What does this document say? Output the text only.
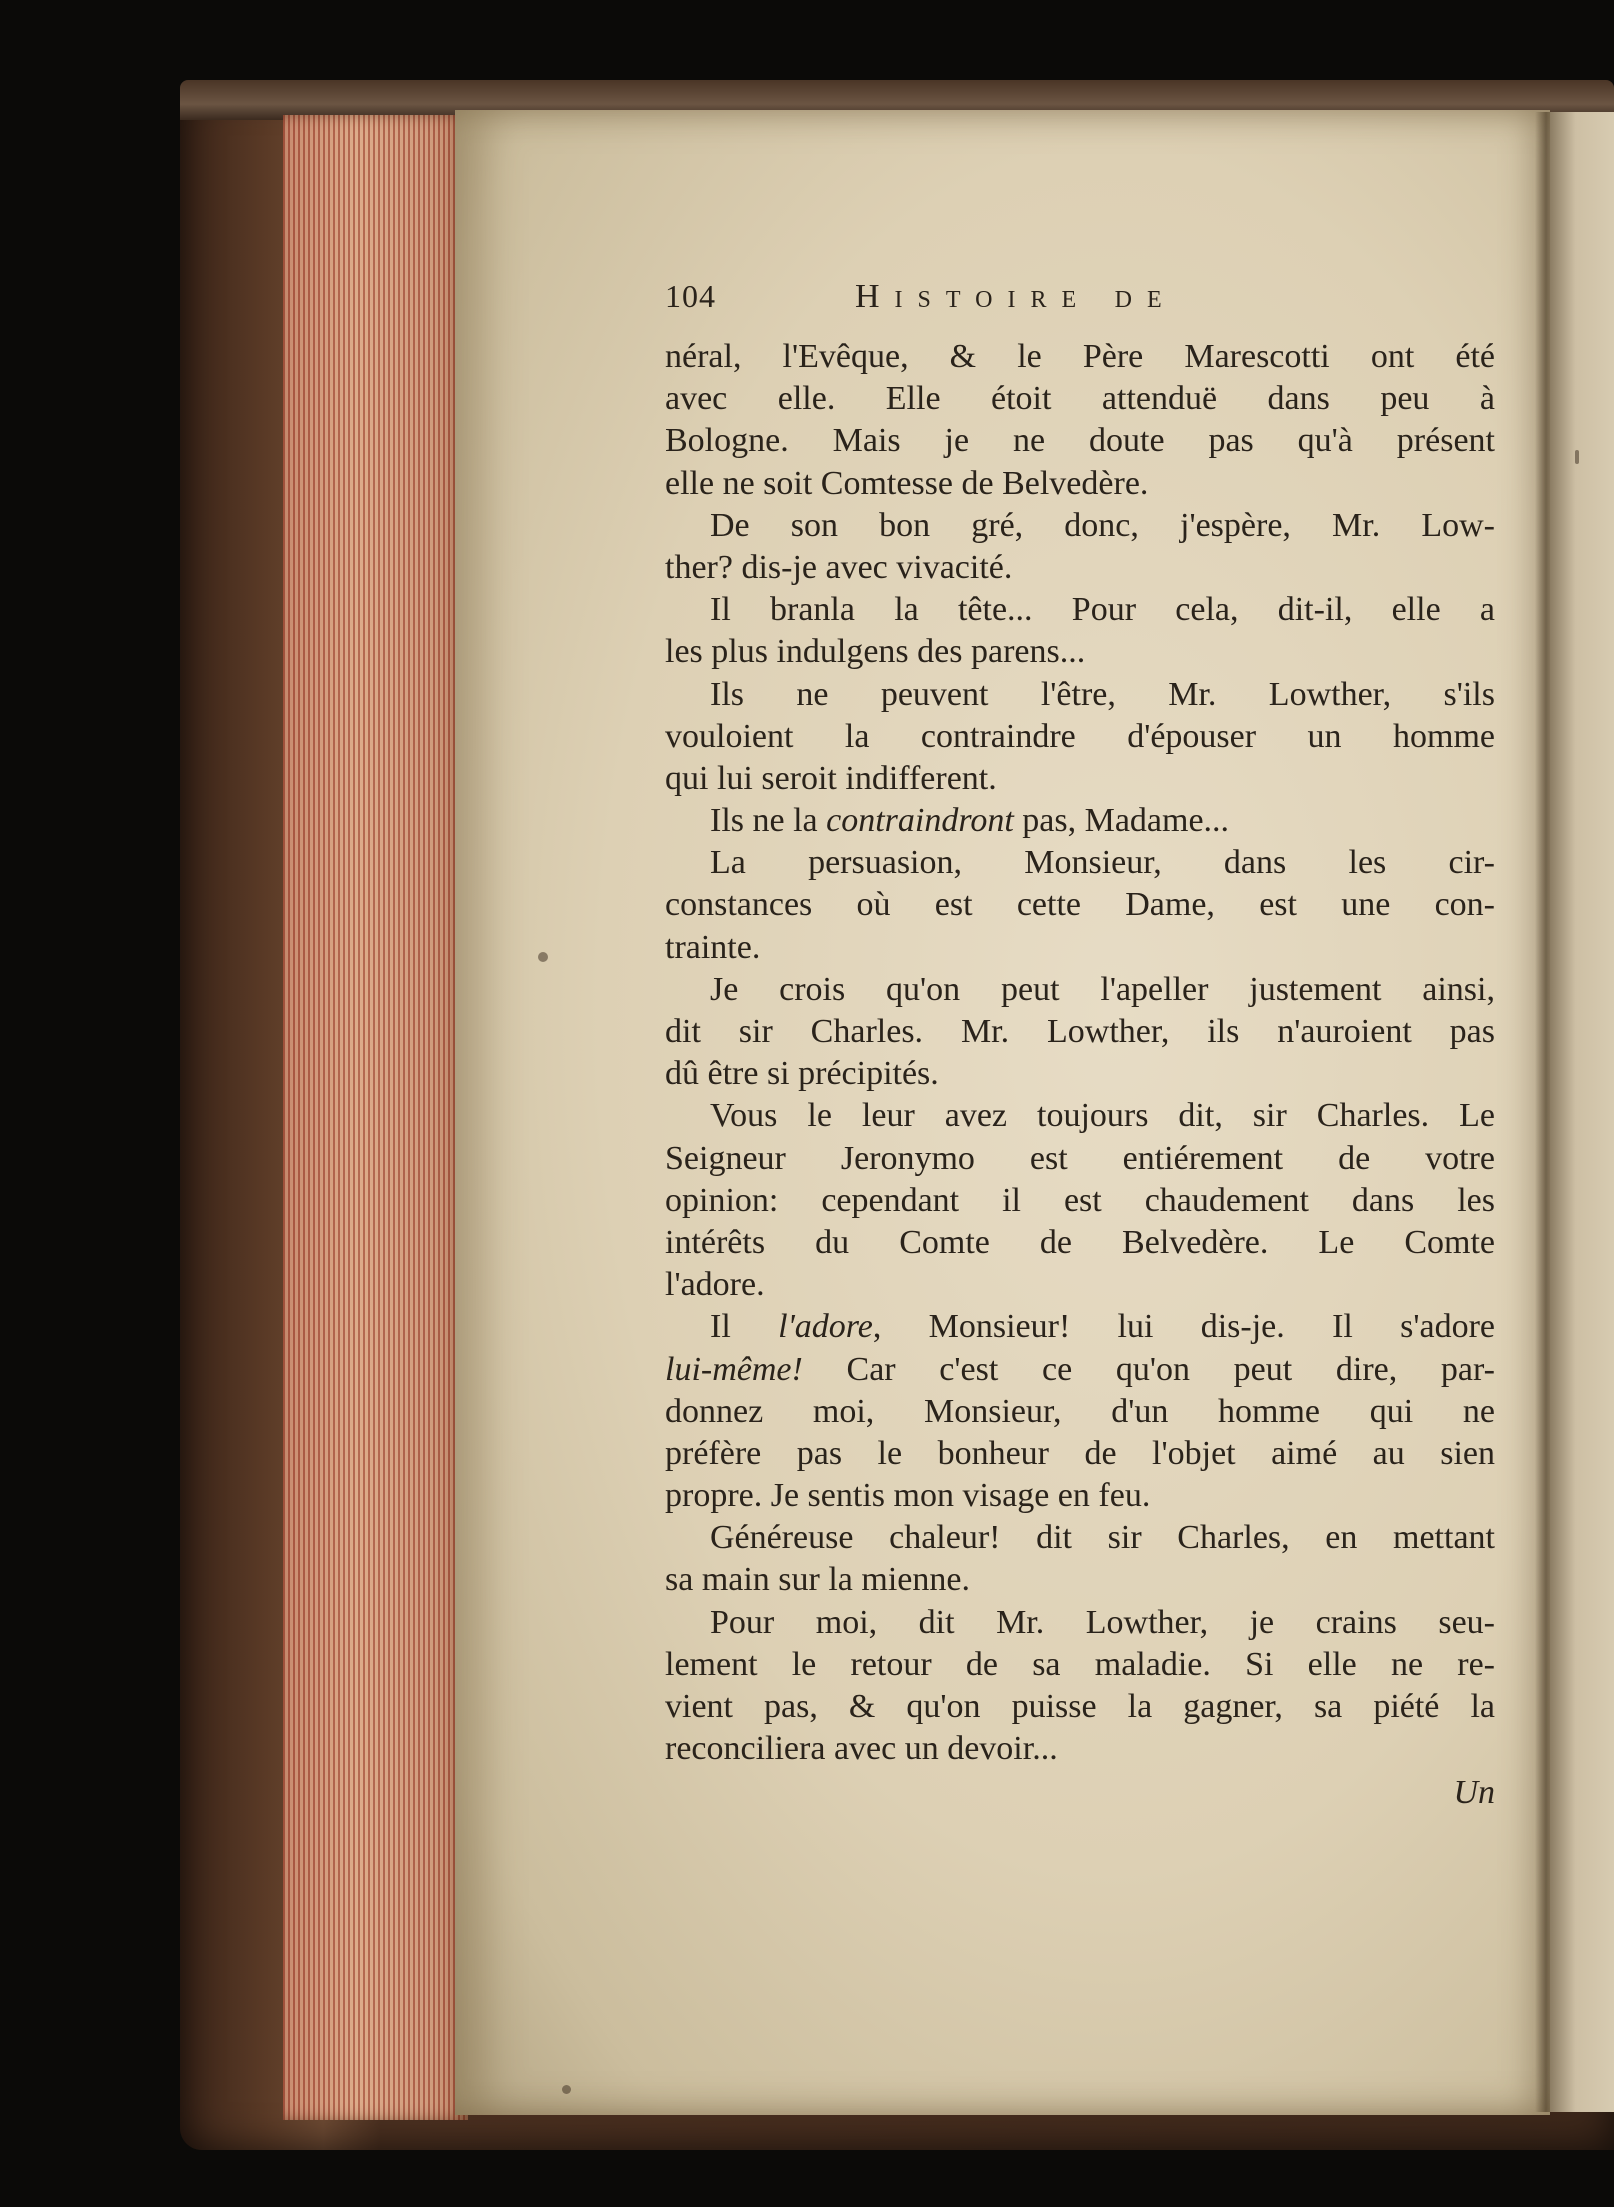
104	Histoire de
néral, l'Evêque, & le Père Marescotti ont été
avec elle. Elle étoit attenduë dans peu à
Bologne. Mais je ne doute pas qu'à présent
elle ne soit Comtesse de Belvedère.
De son bon gré, donc, j'espère, Mr. Low-
ther? dis-je avec vivacité.
Il branla la tête... Pour cela, dit-il, elle a
les plus indulgens des parens...
Ils ne peuvent l'être, Mr. Lowther, s'ils
vouloient la contraindre d'épouser un homme
qui lui seroit indifferent.
Ils ne la contraindront pas, Madame...
La persuasion, Monsieur, dans les cir-
constances où est cette Dame, est une con-
trainte.
Je crois qu'on peut l'apeller justement ainsi,
dit sir Charles. Mr. Lowther, ils n'auroient pas
dû être si précipités.
Vous le leur avez toujours dit, sir Charles. Le
Seigneur Jeronymo est entiérement de votre
opinion: cependant il est chaudement dans les
intérêts du Comte de Belvedère. Le Comte
l'adore.
Il l'adore, Monsieur! lui dis-je. Il s'adore
lui-même! Car c'est ce qu'on peut dire, par-
donnez moi, Monsieur, d'un homme qui ne
préfère pas le bonheur de l'objet aimé au sien
propre. Je sentis mon visage en feu.
Généreuse chaleur! dit sir Charles, en mettant
sa main sur la mienne.
Pour moi, dit Mr. Lowther, je crains seu-
lement le retour de sa maladie. Si elle ne re-
vient pas, & qu'on puisse la gagner, sa piété la
reconciliera avec un devoir...
Un
